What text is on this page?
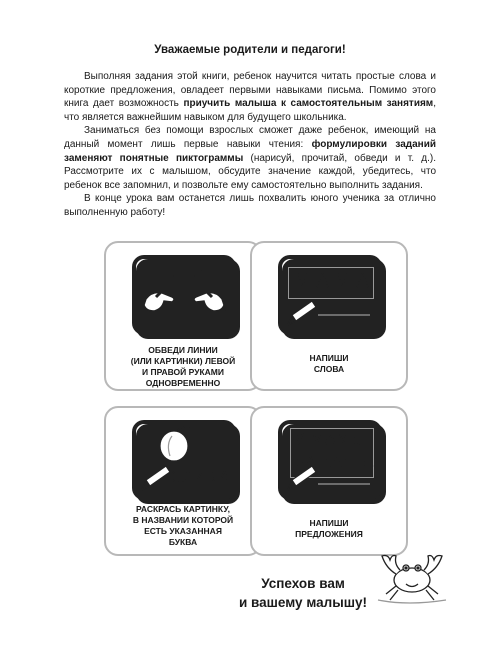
Уважаемые родители и педагоги!

Выполняя задания этой книги, ребенок научится читать простые слова и короткие предложения, овладеет первыми навыками письма. Помимо этого книга дает возможность приучить малыша к самостоятельным занятиям, что является важнейшим навыком для будущего школьника.

Заниматься без помощи взрослых сможет даже ребенок, имеющий на данный момент лишь первые навыки чтения: формулировки заданий заменяют понятные пиктограммы (нарисуй, прочитай, обведи и т. д.). Рассмотрите их с малышом, обсудите значение каждой, убедитесь, что ребенок все запомнил, и позвольте ему самостоятельно выполнить задания.

В конце урока вам останется лишь похвалить юного ученика за отлично выполненную работу!

ОБВЕДИ ЛИНИИ
(ИЛИ КАРТИНКИ) ЛЕВОЙ
И ПРАВОЙ РУКАМИ
ОДНОВРЕМЕННО
МАМА
НАПИШИ
СЛОВА
СЛИВ А
РАСКРАСЬ КАРТИНКУ,
В НАЗВАНИИ КОТОРОЙ
ЕСТЬ УКАЗАННАЯ
БУКВА
У МАМЫ
БАНАНЫ.
НАПИШИ
ПРЕДЛОЖЕНИЯ
Успехов вам
и вашему малышу!
